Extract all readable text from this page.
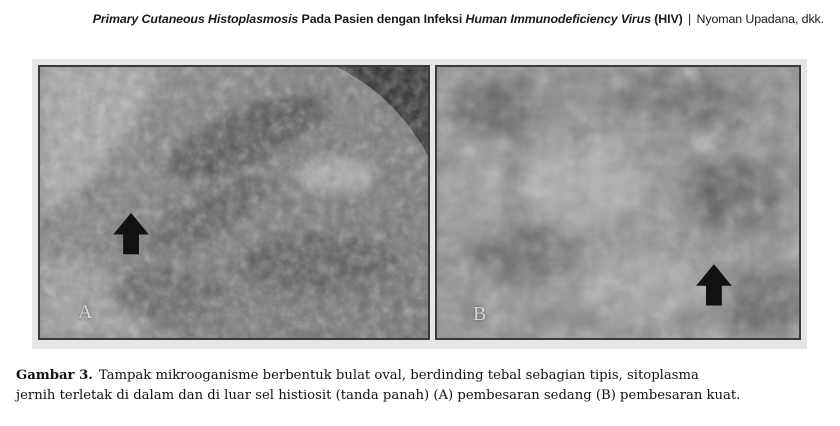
Primary Cutaneous Histoplasmosis Pada Pasien dengan Infeksi Human Immunodeficiency Virus (HIV) | Nyoman Upadana, dkk.
A	B
Gambar 3. Tampak mikrooganisme berbentuk bulat oval, berdinding tebal sebagian tipis, sitoplasma
jernih terletak di dalam dan di luar sel histiosit (tanda panah) (A) pembesaran sedang (B) pembesaran kuat.
